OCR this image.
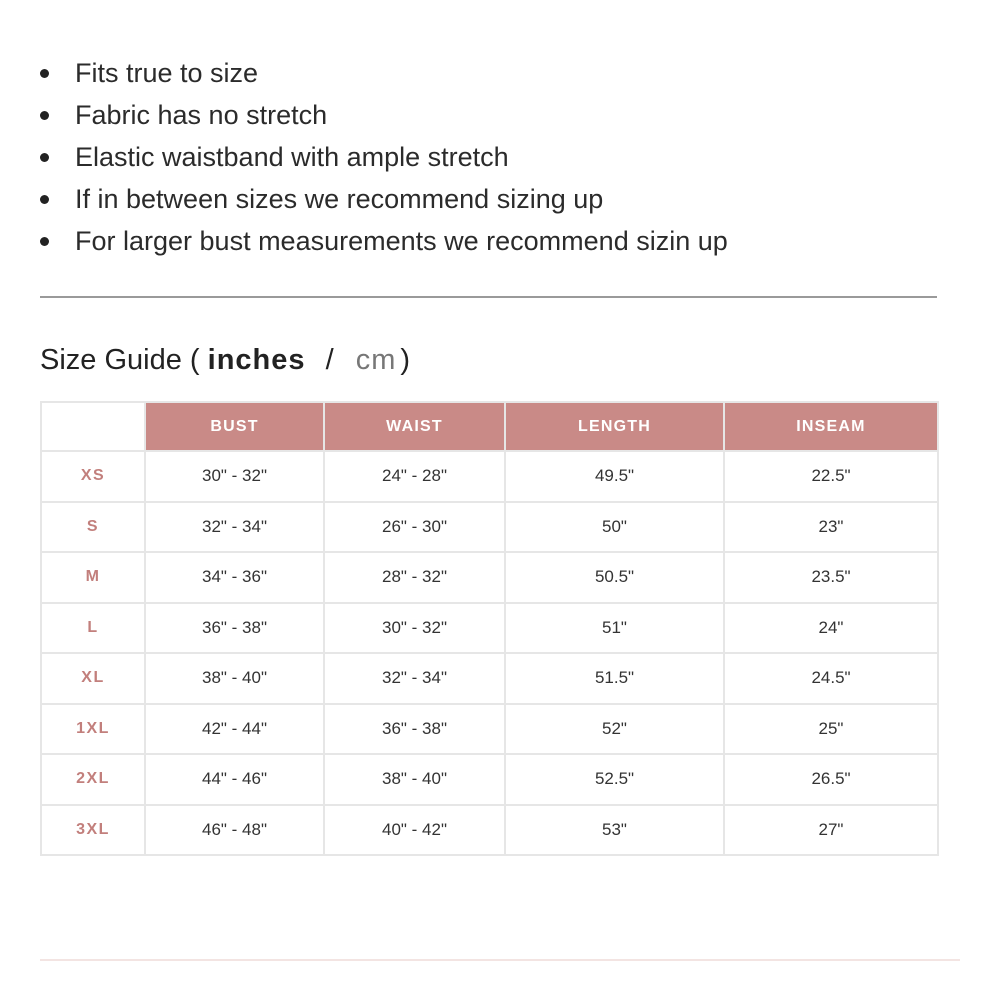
Fits true to size
Fabric has no stretch
Elastic waistband with ample stretch
If in between sizes we recommend sizing up
For larger bust measurements we recommend sizin up
Size Guide ( inches / cm )
	BUST	WAIST	LENGTH	INSEAM
XS	30" - 32"	24" - 28"	49.5"	22.5"
S	32" - 34"	26" - 30"	50"	23"
M	34" - 36"	28" - 32"	50.5"	23.5"
L	36" - 38"	30" - 32"	51"	24"
XL	38" - 40"	32" - 34"	51.5"	24.5"
1XL	42" - 44"	36" - 38"	52"	25"
2XL	44" - 46"	38" - 40"	52.5"	26.5"
3XL	46" - 48"	40" - 42"	53"	27"
